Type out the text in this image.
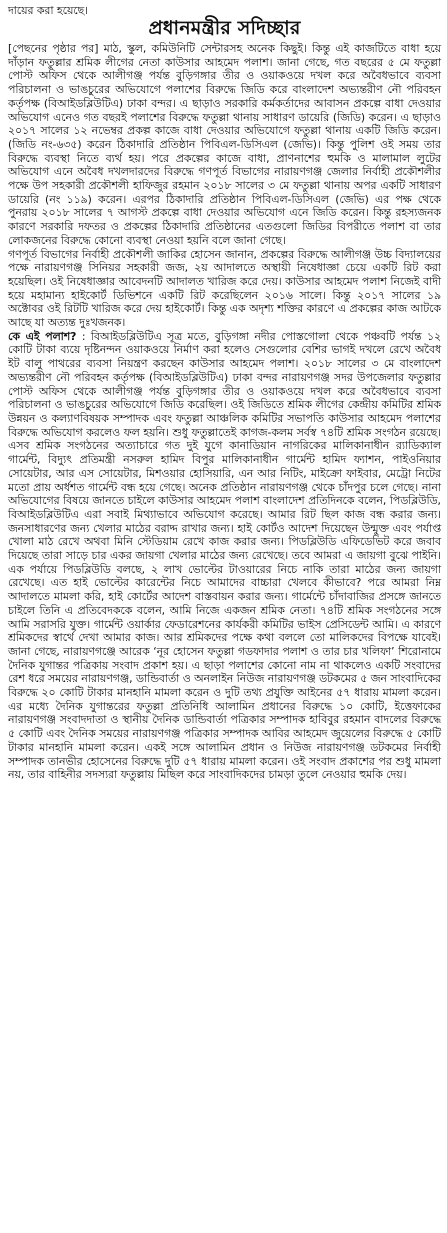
দায়ের করা হয়েছে।

প্রধানমন্ত্রীর সদিচ্ছার

[পেছনের পৃষ্ঠার পর] মাঠ, স্কুল, কমিউনিটি সেন্টারসহ অনেক কিছুই। কিন্তু এই কাজটিতে বাধা হয়ে দাঁড়ান ফতুল্লার শ্রমিক লীগের নেতা কাউসার আহমেদ পলাশ। জানা গেছে, গত বছরের ৫ মে ফতুল্লা পোস্ট অফিস থেকে আলীগঞ্জ পর্যন্ত বুড়িগঙ্গার তীর ও ওয়াকওয়ে দখল করে অবৈধভাবে ব্যবসা পরিচালনা ও ভাঙচুরের অভিযোগে পলাশের বিরুদ্ধে জিডি করে বাংলাদেশ অভ্যন্তরীণ নৌ পরিবহন কর্তৃপক্ষ (বিআইডব্লিউটিএ) ঢাকা বন্দর। এ ছাড়াও সরকারি কর্মকর্তাদের আবাসন প্রকল্পে বাধা দেওয়ার অভিযোগ এনেও গত বছরই পলাশের বিরুদ্ধে ফতুল্লা থানায় সাধারণ ডায়েরি (জিডি) করেন। এ ছাড়াও ২০১৭ সালের ১২ নভেম্বর প্রকল্প কাজে বাধা দেওয়ার অভিযোগে ফতুল্লা থানায় একটি জিডি করেন। (জিডি নং-৬৩৫) করেন ঠিকাদারি প্রতিষ্ঠান পিবিএল-ডিসিএল (জেভি)। কিন্তু পুলিশ ওই সময় তার বিরুদ্ধে ব্যবস্থা নিতে ব্যর্থ হয়। পরে প্রকল্পের কাজে বাধা, প্রাণনাশের হুমকি ও মালামাল লুটের অভিযোগ এনে অবৈধ দখলদারদের বিরুদ্ধে গণপূর্ত বিভাগের নারায়ণগঞ্জ জেলার নির্বাহী প্রকৌশলীর পক্ষে উপ সহকারী প্রকৌশলী হাফিজুর রহমান ২০১৮ সালের ৩ মে ফতুল্লা থানায় অপর একটি সাধারণ ডায়েরি (নং ১১৯) করেন। এরপর ঠিকাদারি প্রতিষ্ঠান পিবিএল-ডিসিএল (জেভি) এর পক্ষ থেকে পুনরায় ২০১৮ সালের ৭ আগস্ট প্রকল্পে বাধা দেওয়ার অভিযোগ এনে জিডি করেন। কিন্তু রহস্যজনক কারণে সরকারি দফতর ও প্রকল্পের ঠিকাদারি প্রতিষ্ঠানের এতগুলো জিডির বিপরীতে পলাশ বা তার লোকজনের বিরুদ্ধে কোনো ব্যবস্থা নেওয়া হয়নি বলে জানা গেছে।

গণপূর্ত বিভাগের নির্বাহী প্রকৌশলী জাকির হোসেন জানান, প্রকল্পের বিরুদ্ধে আলীগঞ্জ উচ্চ বিদ্যালয়ের পক্ষে নারায়ণগঞ্জ সিনিয়র সহকারী জজ, ২য় আদালতে অস্থায়ী নিষেধাজ্ঞা চেয়ে একটি রিট করা হয়েছিল। ওই নিষেধাজ্ঞার আবেদনটি আদালত খারিজ করে দেয়। কাউসার আহমেদ পলাশ নিজেই বাদী হয়ে মহামান্য হাইকোর্ট ডিভিশনে একটি রিট করেছিলেন ২০১৬ সালে। কিন্তু ২০১৭ সালের ১৯ অক্টোবর ওই রিটটি খারিজ করে দেয় হাইকোর্ট। কিন্তু এক অদৃশ্য শক্তির কারণে এ প্রকল্পের কাজ আটকে আছে যা অত্যন্ত দুঃখজনক।

কে এই পলাশ? : বিআইডব্লিউটিএ সূত্র মতে, বুড়িগঙ্গা নদীর পোস্তগোলা থেকে পঞ্চবটি পর্যন্ত ১২ কোটি টাকা ব্যয়ে দৃষ্টিনন্দন ওয়াকওয়ে নির্মাণ করা হলেও সেগুলোর বেশির ভাগই দখলে রেখে অবৈধ ইট বালু পাথরের ব্যবসা নিয়ন্ত্রণ করছেন কাউসার আহমেদ পলাশ। ২০১৮ সালের ৩ মে বাংলাদেশ অভ্যন্তরীণ নৌ পরিবহন কর্তৃপক্ষ (বিআইডব্লিউটিএ) ঢাকা বন্দর নারায়ণগঞ্জ সদর উপজেলার ফতুল্লার পোস্ট অফিস থেকে আলীগঞ্জ পর্যন্ত বুড়িগঙ্গার তীর ও ওয়াকওয়ে দখল করে অবৈধভাবে ব্যবসা পরিচালনা ও ভাঙচুরের অভিযোগে জিডি করেছিল। ওই জিডিতে শ্রমিক লীগের কেন্দ্রীয় কমিটির শ্রমিক উন্নয়ন ও কল্যাণবিষয়ক সম্পাদক এবং ফতুল্লা আঞ্চলিক কমিটির সভাপতি কাউসার আহমেদ পলাশের বিরুদ্ধে অভিযোগ করলেও ফল হয়নি। শুধু ফতুল্লাতেই কাগজ-কলম সর্বস্ব ৭৪টি শ্রমিক সংগঠন রয়েছে। এসব শ্রমিক সংগঠনের অত্যাচারে গত দুই যুগে কানাডিয়ান নাগরিকের মালিকানাধীন র‍্যাডিক্যাল গার্মেন্ট, বিদ্যুৎ প্রতিমন্ত্রী নসরুল হামিদ বিপুর মালিকানাধীন গার্মেন্ট হামিদ ফ্যাশন, পাইওনিয়ার সোয়েটার, আর এস সোয়েটার, মিশওয়ার হোসিয়ারি, এন আর নিটিং, মাইক্রো ফাইবার, মেট্রো নিটের মতো প্রায় অর্ধশত গার্মেন্ট বন্ধ হয়ে গেছে। অনেক প্রতিষ্ঠান নারায়ণগঞ্জ থেকে চাঁদপুর চলে গেছে। নানা অভিযোগের বিষয়ে জানতে চাইলে কাউসার আহমেদ পলাশ বাংলাদেশ প্রতিদিনকে বলেন, পিডব্লিউডি, বিআইডব্লিউটিএ এরা সবাই মিথ্যাভাবে অভিযোগ করেছে। আমার রিট ছিল কাজ বন্ধ করার জন্য। জনসাধারণের জন্য খেলার মাঠের বরাদ্দ রাখার জন্য। হাই কোর্টও আদেশ দিয়েছেন উন্মুক্ত এবং পর্যাপ্ত খোলা মাঠ রেখে অথবা মিনি স্টেডিয়াম রেখে কাজ করার জন্য। পিডব্লিউডি এফিডেভিট করে জবাব দিয়েছে তারা সাড়ে চার একর জায়গা খেলার মাঠের জন্য রেখেছে। তবে আমরা এ জায়গা বুঝে পাইনি। এক পর্যায়ে পিডব্লিউডি বলছে, ২ লাখ ভোল্টের টাওয়ারের নিচে নাকি তারা মাঠের জন্য জায়গা রেখেছে। এত হাই ভোল্টের কারেন্টের নিচে আমাদের বাচ্চারা খেলবে কীভাবে? পরে আমরা নিম্ন আদালতে মামলা করি, হাই কোর্টের আদেশ বাস্তবায়ন করার জন্য। গার্মেন্টে চাঁদাবাজির প্রসঙ্গে জানতে চাইলে তিনি এ প্রতিবেদককে বলেন, আমি নিজে একজন শ্রমিক নেতা। ৭৪টি শ্রমিক সংগঠনের সঙ্গে আমি সরাসরি যুক্ত। গার্মেন্ট ওয়ার্কার ফেডারেশনের কার্যকরী কমিটির ভাইস প্রেসিডেন্ট আমি। এ কারণে শ্রমিকদের স্বার্থে দেখা আমার কাজ। আর শ্রমিকদের পক্ষে কথা বললে তো মালিকদের বিপক্ষে যাবেই। জানা গেছে, নারায়ণগঞ্জে আরেক ‘নূর হোসেন ফতুল্লা গডফাদার পলাশ ও তার চার খলিফা’ শিরোনামে দৈনিক যুগান্তর পত্রিকায় সংবাদ প্রকাশ হয়। এ ছাড়া পলাশের কোনো নাম না থাকলেও একটি সংবাদের রেশ ধরে সময়ের নারায়ণগঞ্জ, ডান্ডিবার্তা ও অনলাইন নিউজ নারায়ণগঞ্জ ডটকমের ৫ জন সাংবাদিকের বিরুদ্ধে ২০ কোটি টাকার মানহানি মামলা করেন ও দুটি তথ্য প্রযুক্তি আইনের ৫৭ ধারায় মামলা করেন। এর মধ্যে দৈনিক যুগান্তরের ফতুল্লা প্রতিনিধি আলামিন প্রধানের বিরুদ্ধে ১০ কোটি, ইত্তেফাকের নারায়ণগঞ্জ সংবাদদাতা ও স্থানীয় দৈনিক ডান্ডিবার্তা পত্রিকার সম্পাদক হাবিবুর রহমান বাদলের বিরুদ্ধে ৫ কোটি এবং দৈনিক সময়ের নারায়ণগঞ্জ পত্রিকার সম্পাদক আবির আহমেদ জুয়েলের বিরুদ্ধে ৫ কোটি টাকার মানহানি মামলা করেন। একই সঙ্গে আলামিন প্রধান ও নিউজ নারায়ণগঞ্জ ডটকমের নির্বাহী সম্পাদক তানভীর হোসেনের বিরুদ্ধে দুটি ৫৭ ধারায় মামলা করেন। ওই সংবাদ প্রকাশের পর শুধু মামলা নয়, তার বাহিনীর সদস্যরা ফতুল্লায় মিছিল করে সাংবাদিকদের চামড়া তুলে নেওয়ার হুমকি দেয়।
